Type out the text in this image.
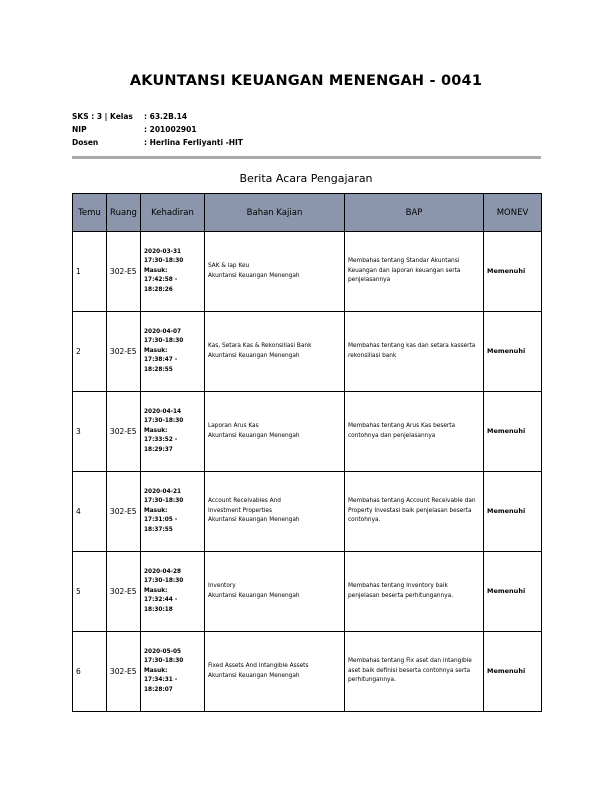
AKUNTANSI KEUANGAN MENENGAH - 0041
SKS : 3 | Kelas	: 63.2B.14
NIP	: 201002901
Dosen	: Herlina Ferliyanti -HIT
Berita Acara Pengajaran
Temu	Ruang	Kehadiran	Bahan Kajian	BAP	MONEV
1	302-E5	2020-03-31
17:30-18:30
Masuk:
17:42:58 -
18:28:26	SAK & lap Keu
Akuntansi Keuangan Menengah	Membahas tentang Standar Akuntansi Keuangan dan laporan keuangan serta penjelasannya	Memenuhi
2	302-E5	2020-04-07
17:30-18:30
Masuk:
17:38:47 -
18:28:55	Kas, Setara Kas & Rekonsiliasi Bank
Akuntansi Keuangan Menengah	Membahas tentang kas dan setara kasserta rekonsiliasi bank	Memenuhi
3	302-E5	2020-04-14
17:30-18:30
Masuk:
17:33:52 -
18:29:37	Laporan Arus Kas
Akuntansi Keuangan Menengah	Membahas tentang Arus Kas beserta contohnya dan penjelasannya	Memenuhi
4	302-E5	2020-04-21
17:30-18:30
Masuk:
17:31:05 -
18:37:55	Account Receivables And
Investment Properties
Akuntansi Keuangan Menengah	Membahas tentang Account Receivable dan Property Investasi baik penjelasan beserta contohnya.	Memenuhi
5	302-E5	2020-04-28
17:30-18:30
Masuk:
17:32:44 -
18:30:18	Inventory
Akuntansi Keuangan Menengah	Membahas tentang Inventory baik penjelasan beserta perhitungannya.	Memenuhi
6	302-E5	2020-05-05
17:30-18:30
Masuk:
17:34:31 -
18:28:07	Fixed Assets And Intangible Assets
Akuntansi Keuangan Menengah	Membahas tentang Fix aset dan intangible aset baik definisi beserta contohnya serta perhitungannya.	Memenuhi
